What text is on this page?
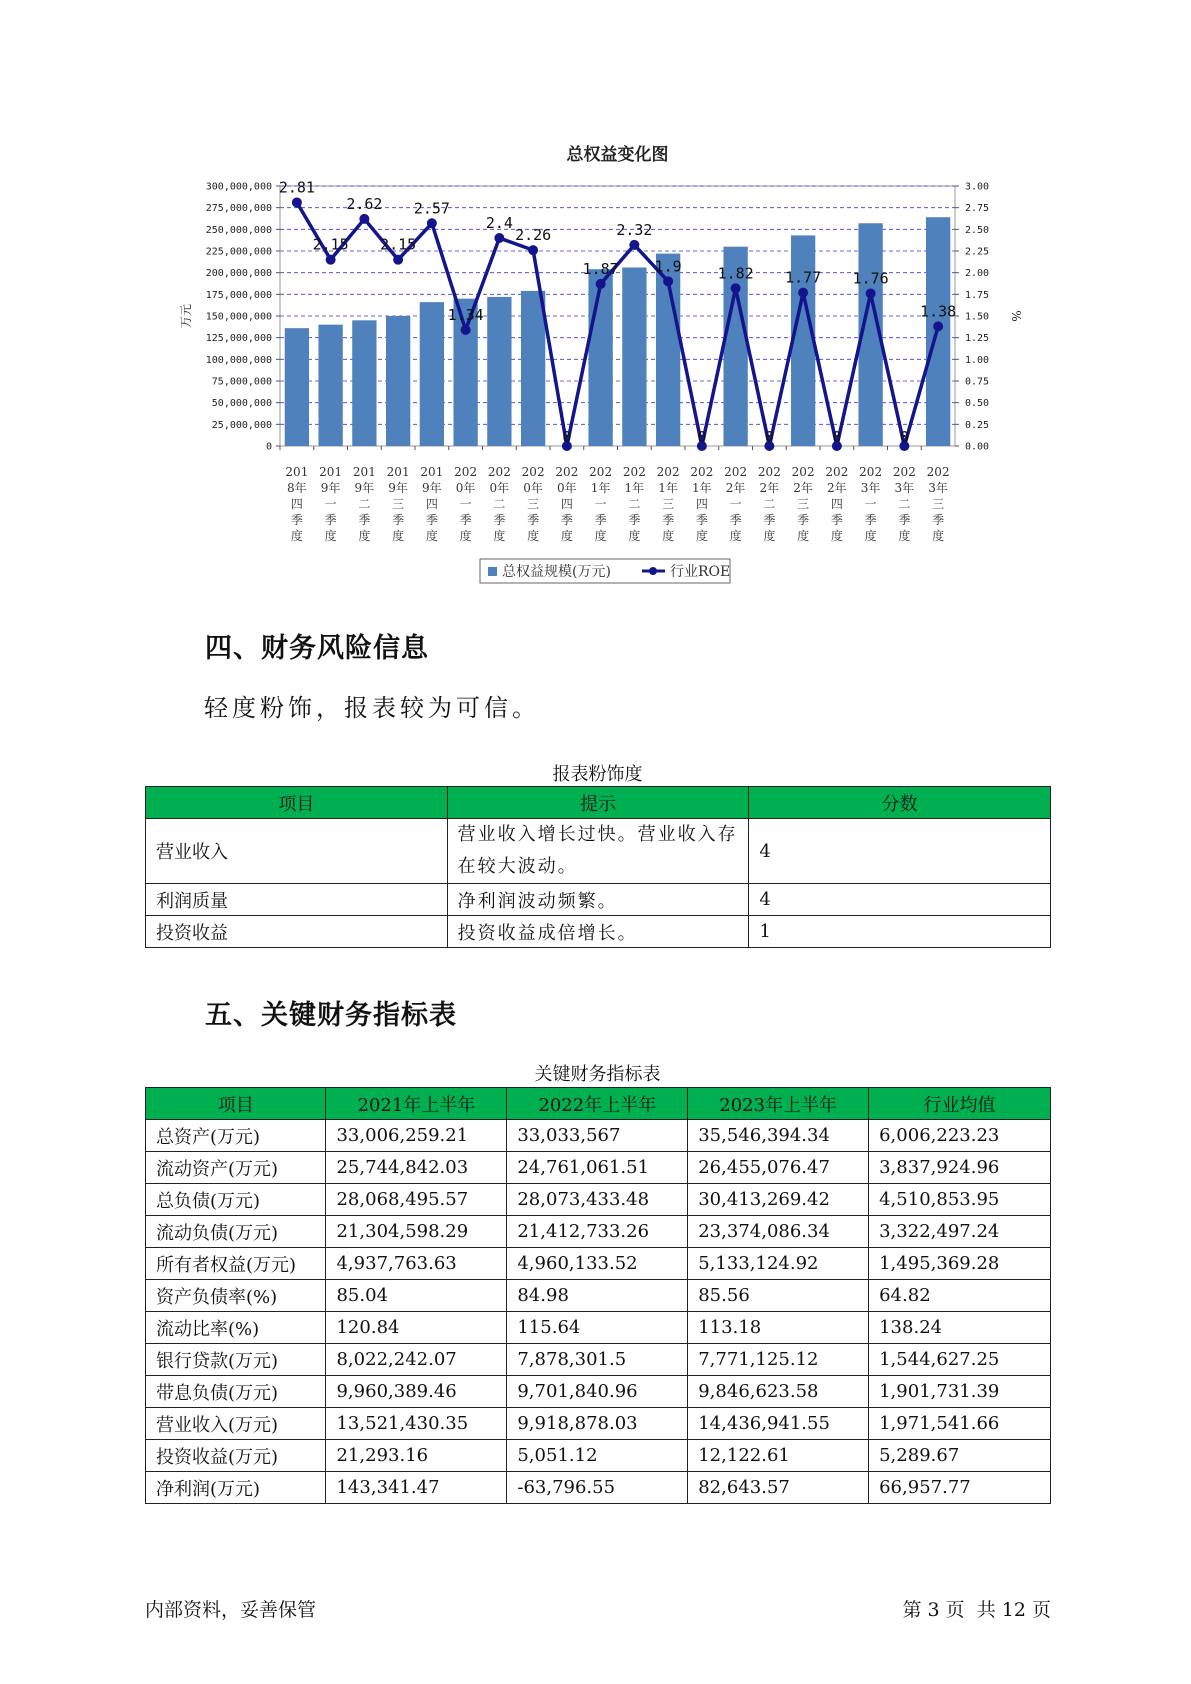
总权益变化图
0
25,000,000
50,000,000
75,000,000
100,000,000
125,000,000
150,000,000
175,000,000
200,000,000
225,000,000
250,000,000
275,000,000
300,000,000
0.00
0.25
0.50
0.75
1.00
1.25
1.50
1.75
2.00
2.25
2.50
2.75
3.00
万元	%
201
8年
四
季
度
201
9年
一
季
度
201
9年
二
季
度
201
9年
三
季
度
201
9年
四
季
度
202
0年
一
季
度
202
0年
二
季
度
202
0年
三
季
度
202
0年
四
季
度
202
1年
一
季
度
202
1年
二
季
度
202
1年
三
季
度
202
1年
四
季
度
202
2年
一
季
度
202
2年
二
季
度
202
2年
三
季
度
202
2年
四
季
度
202
3年
一
季
度
202
3年
二
季
度
202
3年
三
季
度
2.81
2.15
2.62
2.15
2.57
1.34
2.4
2.26
0
1.87
2.32
1.9
0
1.82
0
1.77
0
1.76
0
1.38
总权益规模(万元)	行业ROE
四、财务风险信息
轻度粉饰，报表较为可信。
报表粉饰度
项目	提示	分数
营业收入	营业收入增长过快。营业收入存在较大波动。	4
利润质量	净利润波动频繁。	4
投资收益	投资收益成倍增长。	1
五、关键财务指标表
关键财务指标表
项目	2021年上半年	2022年上半年	2023年上半年	行业均值
总资产(万元)	33,006,259.21	33,033,567	35,546,394.34	6,006,223.23
流动资产(万元)	25,744,842.03	24,761,061.51	26,455,076.47	3,837,924.96
总负债(万元)	28,068,495.57	28,073,433.48	30,413,269.42	4,510,853.95
流动负债(万元)	21,304,598.29	21,412,733.26	23,374,086.34	3,322,497.24
所有者权益(万元)	4,937,763.63	4,960,133.52	5,133,124.92	1,495,369.28
资产负债率(%)	85.04	84.98	85.56	64.82
流动比率(%)	120.84	115.64	113.18	138.24
银行贷款(万元)	8,022,242.07	7,878,301.5	7,771,125.12	1,544,627.25
带息负债(万元)	9,960,389.46	9,701,840.96	9,846,623.58	1,901,731.39
营业收入(万元)	13,521,430.35	9,918,878.03	14,436,941.55	1,971,541.66
投资收益(万元)	21,293.16	5,051.12	12,122.61	5,289.67
净利润(万元)	143,341.47	-63,796.55	82,643.57	66,957.77
内部资料，妥善保管	第 3 页  共 12 页
